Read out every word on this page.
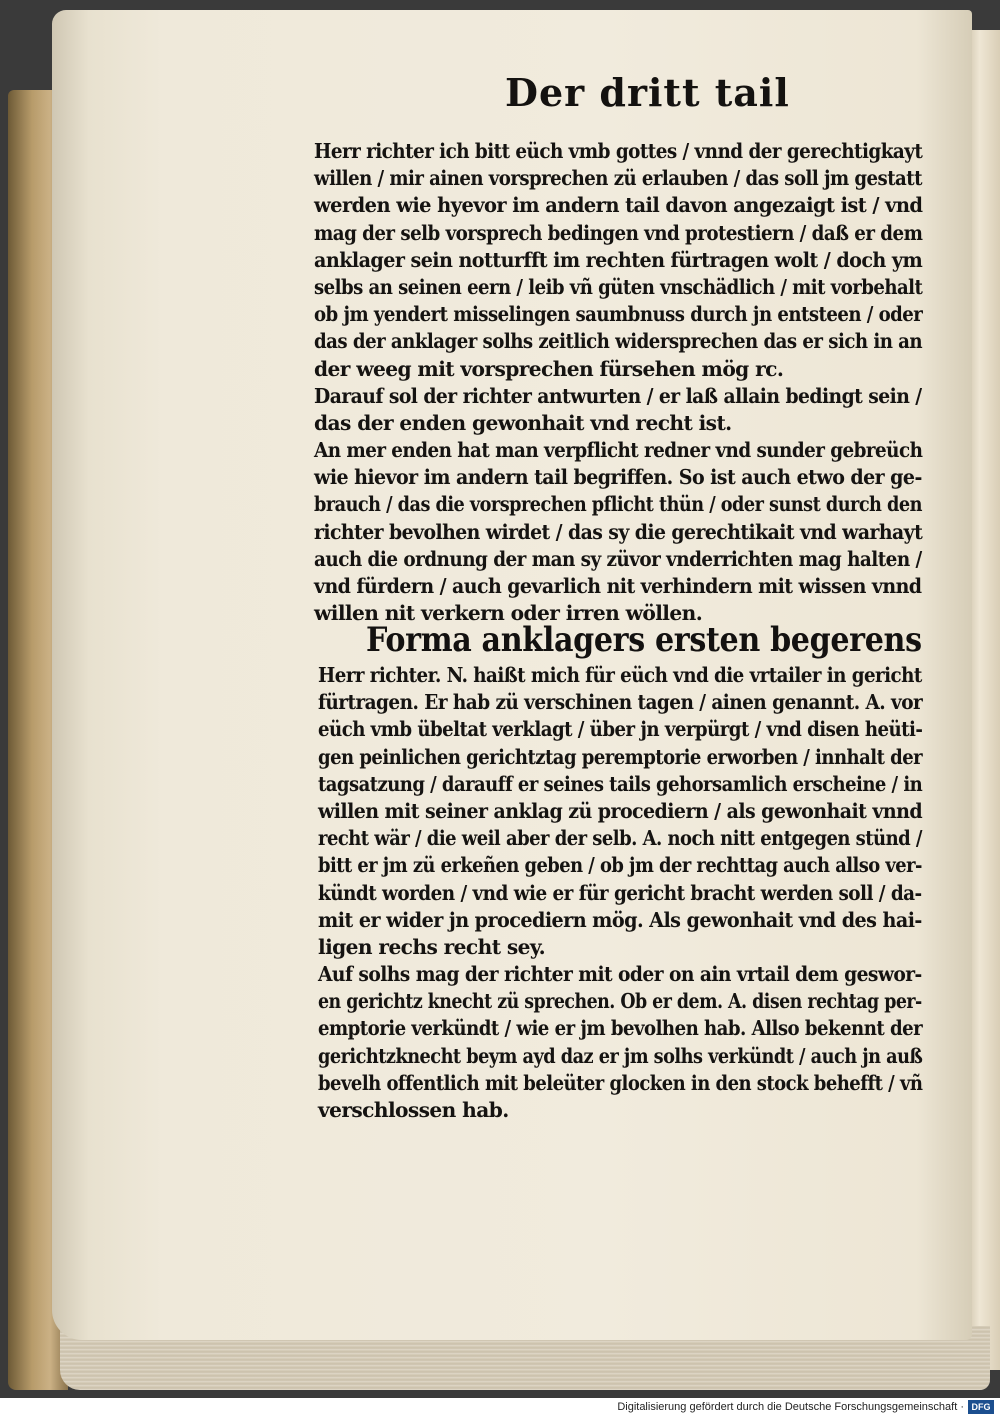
Der dritt tail
Herr richter ich bitt eüch vmb gottes / vnnd der gerechtigkayt
willen / mir ainen vorsprechen zü erlauben / das soll jm gestatt
werden wie hyevor im andern tail davon angezaigt ist / vnd
mag der selb vorsprech bedingen vnd protestiern / daß er dem
anklager sein notturfft im rechten fürtragen wolt / doch ym
selbs an seinen eern / leib vñ güten vnschädlich / mit vorbehalt
ob jm yendert misselingen saumbnuss durch jn entsteen / oder
das der anklager solhs zeitlich widersprechen das er sich in an
der weeg mit vorsprechen fürsehen mög rc.
Darauf sol der richter antwurten / er laß allain bedingt sein /
das der enden gewonhait vnd recht ist.
An mer enden hat man verpflicht redner vnd sunder gebreüch
wie hievor im andern tail begriffen. So ist auch etwo der ge-
brauch / das die vorsprechen pflicht thün / oder sunst durch den
richter bevolhen wirdet / das sy die gerechtikait vnd warhayt
auch die ordnung der man sy züvor vnderrichten mag halten /
vnd fürdern / auch gevarlich nit verhindern mit wissen vnnd
willen nit verkern oder irren wöllen.
Forma anklagers ersten begerens
Herr richter. N. haißt mich für eüch vnd die vrtailer in gericht
fürtragen. Er hab zü verschinen tagen / ainen genannt. A. vor
eüch vmb übeltat verklagt / über jn verpürgt / vnd disen heüti-
gen peinlichen gerichtztag peremptorie erworben / innhalt der
tagsatzung / darauff er seines tails gehorsamlich erscheine / in
willen mit seiner anklag zü procediern / als gewonhait vnnd
recht wär / die weil aber der selb. A. noch nitt entgegen stünd /
bitt er jm zü erkeñen geben / ob jm der rechttag auch allso ver-
kündt worden / vnd wie er für gericht bracht werden soll / da-
mit er wider jn procediern mög. Als gewonhait vnd des hai-
ligen rechs recht sey.
Auf solhs mag der richter mit oder on ain vrtail dem geswor-
en gerichtz knecht zü sprechen. Ob er dem. A. disen rechtag per-
emptorie verkündt / wie er jm bevolhen hab. Allso bekennt der
gerichtzknecht beym ayd daz er jm solhs verkündt / auch jn auß
bevelh offentlich mit beleüter glocken in den stock behefft / vñ
verschlossen hab.
Digitalisierung gefördert durch die Deutsche Forschungsgemeinschaft · DFG
